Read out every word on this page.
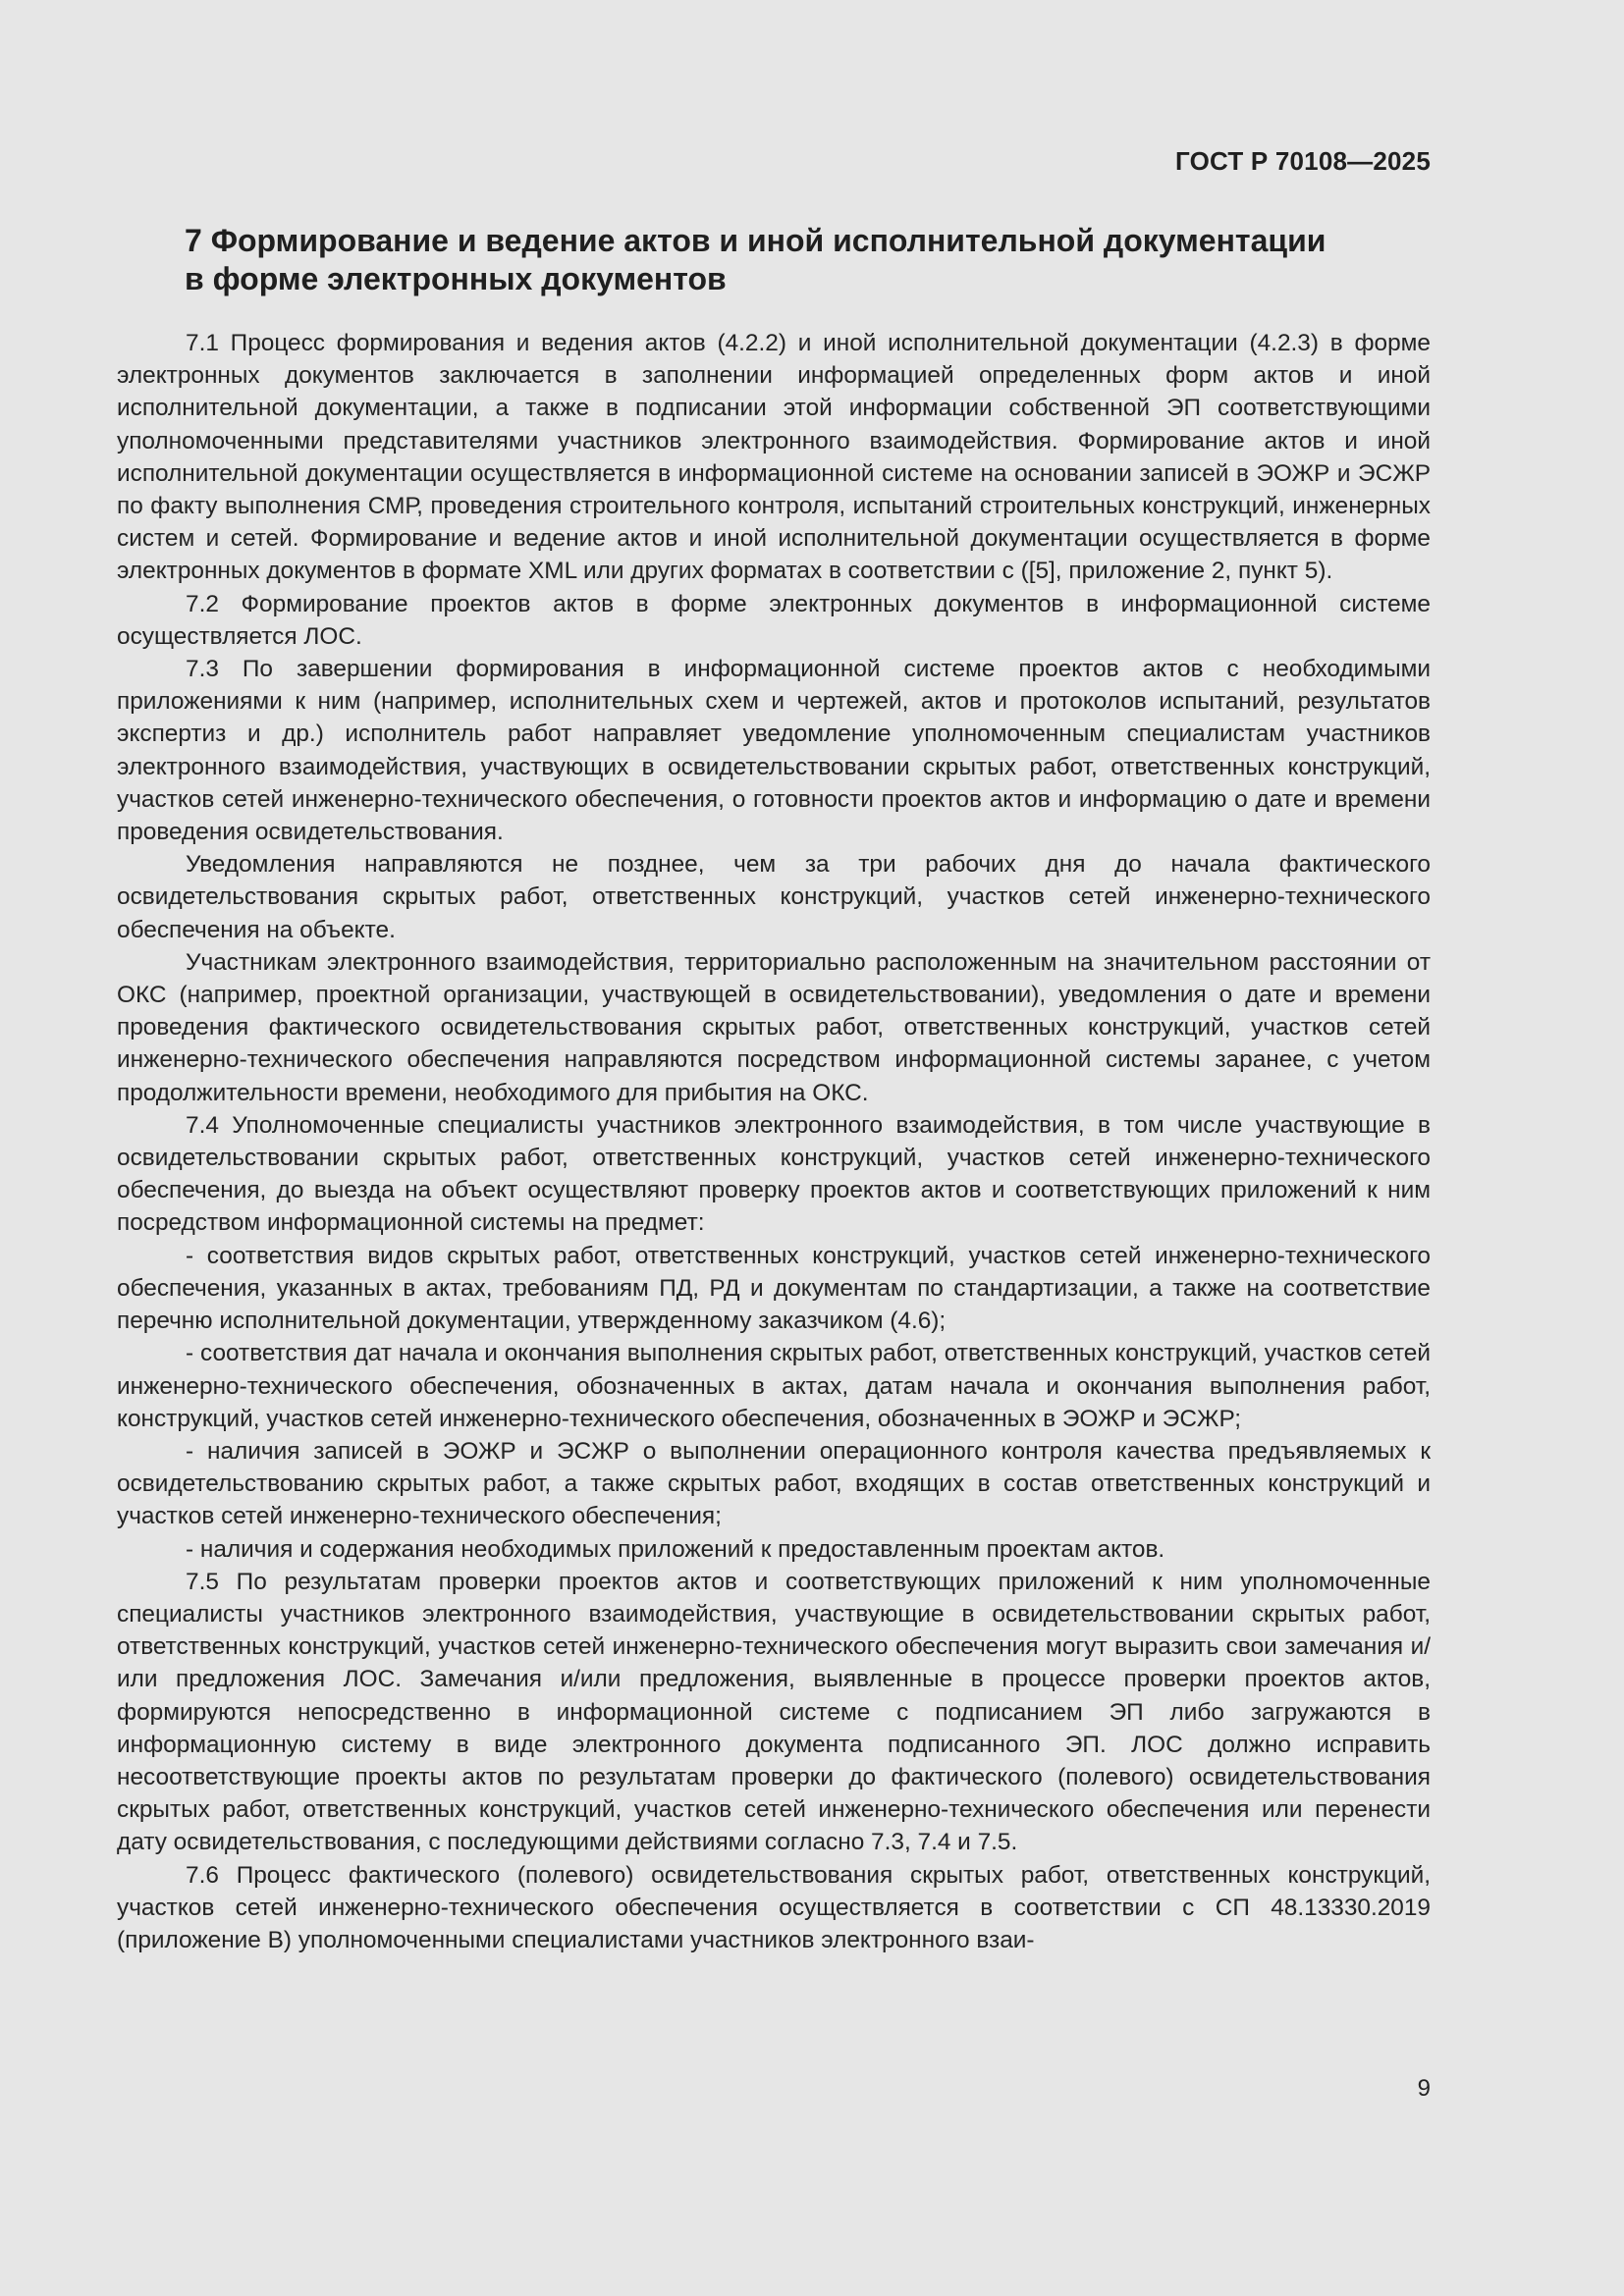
ГОСТ Р 70108—2025
7 Формирование и ведение актов и иной исполнительной документации
в форме электронных документов

7.1 Процесс формирования и ведения актов (4.2.2) и иной исполнительной документации (4.2.3) в форме электронных документов заключается в заполнении информацией определенных форм актов и иной исполнительной документации, а также в подписании этой информации собственной ЭП соответствующими уполномоченными представителями участников электронного взаимодействия. Формирование актов и иной исполнительной документации осуществляется в информационной системе на основании записей в ЭОЖР и ЭСЖР по факту выполнения СМР, проведения строительного контроля, испытаний строительных конструкций, инженерных систем и сетей. Формирование и ведение актов и иной исполнительной документации осуществляется в форме электронных документов в формате XML или других форматах в соответствии с ([5], приложение 2, пункт 5).

7.2 Формирование проектов актов в форме электронных документов в информационной системе осуществляется ЛОС.

7.3 По завершении формирования в информационной системе проектов актов с необходимыми приложениями к ним (например, исполнительных схем и чертежей, актов и протоколов испытаний, результатов экспертиз и др.) исполнитель работ направляет уведомление уполномоченным специалистам участников электронного взаимодействия, участвующих в освидетельствовании скрытых работ, ответственных конструкций, участков сетей инженерно-технического обеспечения, о готовности проектов актов и информацию о дате и времени проведения освидетельствования.

Уведомления направляются не позднее, чем за три рабочих дня до начала фактического освидетельствования скрытых работ, ответственных конструкций, участков сетей инженерно-технического обеспечения на объекте.

Участникам электронного взаимодействия, территориально расположенным на значительном расстоянии от ОКС (например, проектной организации, участвующей в освидетельствовании), уведомления о дате и времени проведения фактического освидетельствования скрытых работ, ответственных конструкций, участков сетей инженерно-технического обеспечения направляются посредством информационной системы заранее, с учетом продолжительности времени, необходимого для прибытия на ОКС.

7.4 Уполномоченные специалисты участников электронного взаимодействия, в том числе участвующие в освидетельствовании скрытых работ, ответственных конструкций, участков сетей инженерно-технического обеспечения, до выезда на объект осуществляют проверку проектов актов и соответствующих приложений к ним посредством информационной системы на предмет:

- соответствия видов скрытых работ, ответственных конструкций, участков сетей инженерно-технического обеспечения, указанных в актах, требованиям ПД, РД и документам по стандартизации, а также на соответствие перечню исполнительной документации, утвержденному заказчиком (4.6);

- соответствия дат начала и окончания выполнения скрытых работ, ответственных конструкций, участков сетей инженерно-технического обеспечения, обозначенных в актах, датам начала и окончания выполнения работ, конструкций, участков сетей инженерно-технического обеспечения, обозначенных в ЭОЖР и ЭСЖР;

- наличия записей в ЭОЖР и ЭСЖР о выполнении операционного контроля качества предъявляемых к освидетельствованию скрытых работ, а также скрытых работ, входящих в состав ответственных конструкций и участков сетей инженерно-технического обеспечения;

- наличия и содержания необходимых приложений к предоставленным проектам актов.

7.5 По результатам проверки проектов актов и соответствующих приложений к ним уполномоченные специалисты участников электронного взаимодействия, участвующие в освидетельствовании скрытых работ, ответственных конструкций, участков сетей инженерно-технического обеспечения могут выразить свои замечания и/или предложения ЛОС. Замечания и/или предложения, выявленные в процессе проверки проектов актов, формируются непосредственно в информационной системе с подписанием ЭП либо загружаются в информационную систему в виде электронного документа подписанного ЭП. ЛОС должно исправить несоответствующие проекты актов по результатам проверки до фактического (полевого) освидетельствования скрытых работ, ответственных конструкций, участков сетей инженерно-технического обеспечения или перенести дату освидетельствования, с последующими действиями согласно 7.3, 7.4 и 7.5.

7.6 Процесс фактического (полевого) освидетельствования скрытых работ, ответственных конструкций, участков сетей инженерно-технического обеспечения осуществляется в соответствии с СП 48.13330.2019 (приложение В) уполномоченными специалистами участников электронного взаи-

9
